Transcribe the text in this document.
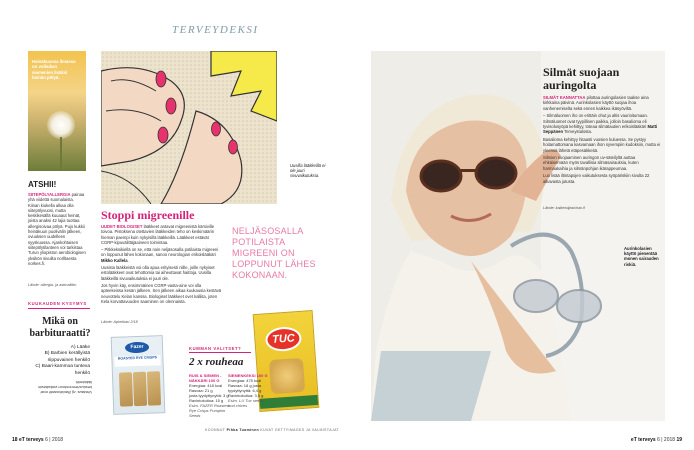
TERVEYDEKSI
Heinäkuussa ilmassa on voikukan siemenien lisäksi heinän pölyä.
ATSHII!
SIITEPÖLYALLERGIA painaa yhä viidettä suomalaista. Kiinan kiukella alkaa olla siitepölyvuosi, mutta keskikesällä kuuaaut heinät, joista anaksi 42 lajia tuottaa allergisoivaa pölyä. Pujo kukkii heinäkuun puolivälin jälkeen, ovuuksen uudelleen syyskuussa. Ajankohtaisen siitepölytilanteen voi tarkistaa Turun yliopiston aerobiologisen yksikön sivuilta norlltaesta norkes.fi.
Lähde: allergia- ja astmaliitto
KUUKAUDEN KYSYMYS
Mikä on barbituraatti?
A) Lääke
B) Barbien kerällyistä riippuvainen henkilö
C) Baari-kammoa tunteva henkilö
Vastaus: a) Barbituraatit ovat keskushermostoon vaikuttavia lääkkeitä.
Uusilla lääkkeillä ei ole juuri sivuvaikutuksia.
Stoppi migreenille

UUDET BIOLOGISET lääkkeet antavat migreenistä kärsiville toivoa. Pistoksena otettavien lääkkeiden teho on keskimäärin hieman paempi kuin nykyisillä lääkkeillä. Lääkkeet estävät CGRP-kipuvälittäjäaineen toimintaa.

– Pitkkeksikiellä on se, että noin neljäsosalla potilaista migreeni on loppunut lähes kokonaan, sanoo neurologian erikoislääkäri Mikko Kallela.

Uusista lääkkeistä voi olla apua erityisesti niille, joille nykyiset estolääkkeet ovat tehottomia tai aiheuttavat haittoja. Uusilla lääkkeillä sivuvaikutuksia ei juuri ole.

Jos hyvin käy, ensimmäinen CGRP-vasta-aine voi olla apteekeissa kesän jälkeen. Sen jälkeen aikaa kuukausia kestävä neuvottelu Kelan kanssa. Biologiset lääkkeet ovet kalliita, joten Kela korvattavuuden saaminen on olennaista.

Lähde: Aptekkari 2/18
NELJÄSOSALLA POTILAISTA MIGREENI ON LOPPUNUT LÄHES KOKONAAN.
Fazer
ROASTED RYE CRISPS
TUC
KUMMAN VALITSET?
2 x rouheaa
RUIS & SIEMEN -NÄKKÄRI 100 G
Energiaa: 418 kcal
Rasvaa: 21 g
josta tyydyttynyttä: 3 g
Ravintokuitua: 15 g
Esim. FAZER Roasted Rye Crisps Pumpkin Seeds
SIEMENKEKSI 100 G
Energiaa: 475 kcal
Rasvaa: 18 g josta
tyydyttynyttä: 6,4 g
Ravintokuitua: 3,5 g
Esim. LU Tuc seeds and chives
KOONNUT Pihka Tuominen KUVAT GETTYIMAGES JA VALMISTAJAT
Silmät suojaan auringolta

SILMÄT KANNATTAA pilottaa auringolasien taakse aina kirkkaina päivinä. Aurinkolasien käyttö suojaa ihoa vanhenemiselta sekä ennen kaikkea ikäsyöviltä.

– Silmäluomen iho on erittäin ohut ja altis vaurioitumaan. Silmäluomet ovat tyypillinen paikka, jolloin basalioma eli tyvisolusyöpä kehittyy, toteaa silmätautien erikoislääkäri Matti Seppänen Terveystalosta.

Basalioma kehittyy hitaasti vuosien kuluessa. Se pystyy hoitamattomana kasvamaan ihon syvempiin kudoksiin, mutta ei yleensä lähetä etäpesäkkeitä.

Silmien suojaaminen auringon uv-säteilyltä auttaa ehkäisemään myös tavallisia silmäsairauksia, kuten harmaakaihia ja silmänpohjan ikärappeumaa.

Luo lisää iltintapojen vaikutuksesta syöpäriskiin sivulta 22 alkavasta jutusta.

Lähde: kaiketuijasivisto.fi
Aurinkolasien käyttö pienentää monen sairauden riskiä.
18 eT terveys 6 | 2018	eT terveys 6 | 2018 19
